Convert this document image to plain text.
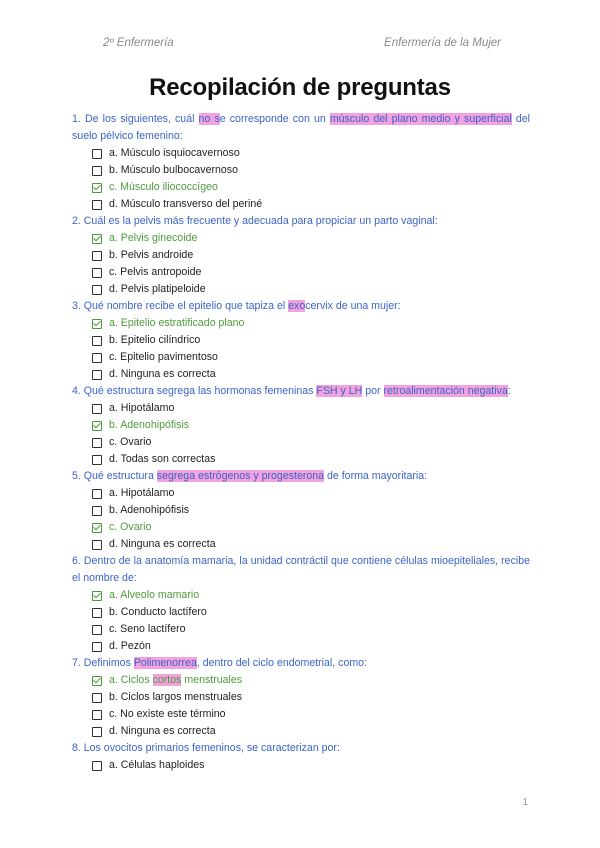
2º Enfermería	Enfermería de la Mujer
Recopilación de preguntas
1. De los siguientes, cuál no se corresponde con un músculo del plano medio y superficial del suelo pélvico femenino:
a. Músculo isquiocavernoso
b. Músculo bulbocavernoso
c. Músculo iliococcígeo
d. Músculo transverso del periné
2. Cuál es la pelvis más frecuente y adecuada para propiciar un parto vaginal:
a. Pelvis ginecoide
b. Pelvis androide
c. Pelvis antropoide
d. Pelvis platipeloide
3. Qué nombre recibe el epitelio que tapiza el exocervix de una mujer:
a. Epitelio estratificado plano
b. Epitelio cilíndrico
c. Epitelio pavimentoso
d. Ninguna es correcta
4. Qué estructura segrega las hormonas femeninas FSH y LH por retroalimentación negativa:
a. Hipotálamo
b. Adenohipófisis
c. Ovario
d. Todas son correctas
5. Qué estructura segrega estrógenos y progesterona de forma mayoritaria:
a. Hipotálamo
b. Adenohipófisis
c. Ovario
d. Ninguna es correcta
6. Dentro de la anatomía mamaria, la unidad contráctil que contiene células mioepiteliales, recibe el nombre de:
a. Alveolo mamario
b. Conducto lactífero
c. Seno lactífero
d. Pezón
7. Definimos Polimenorrea, dentro del ciclo endometrial, como:
a. Ciclos cortos menstruales
b. Ciclos largos menstruales
c. No existe este término
d. Ninguna es correcta
8. Los ovocitos primarios femeninos, se caracterizan por:
a. Células haploides
1
